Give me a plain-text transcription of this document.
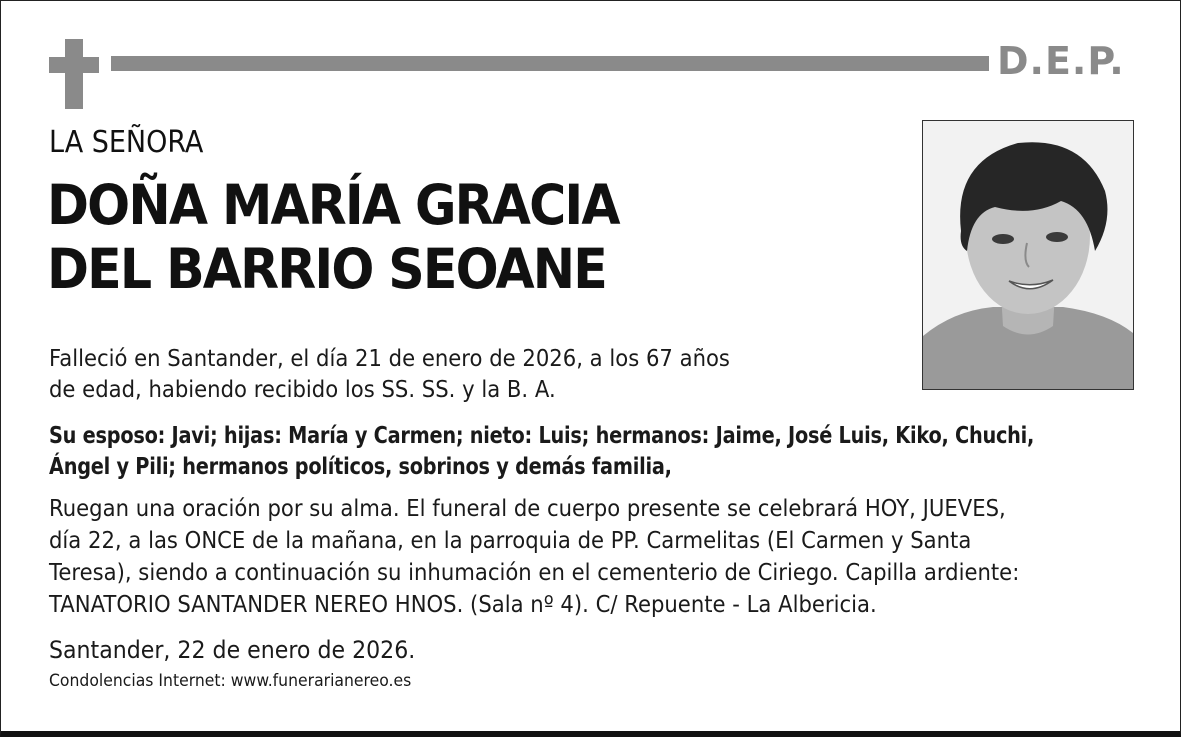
D.E.P.
LA SEÑORA
DOÑA MARÍA GRACIA
DEL BARRIO SEOANE
Falleció en Santander, el día 21 de enero de 2026, a los 67 años
de edad, habiendo recibido los SS. SS. y la B. A.
Su esposo: Javi; hijas: María y Carmen; nieto: Luis; hermanos: Jaime, José Luis, Kiko, Chuchi,
Ángel y Pili; hermanos políticos, sobrinos y demás familia,
Ruegan una oración por su alma. El funeral de cuerpo presente se celebrará HOY, JUEVES,
día 22, a las ONCE de la mañana, en la parroquia de PP. Carmelitas (El Carmen y Santa
Teresa), siendo a continuación su inhumación en el cementerio de Ciriego. Capilla ardiente:
TANATORIO SANTANDER NEREO HNOS. (Sala nº 4). C/ Repuente - La Albericia.
Santander, 22 de enero de 2026.
Condolencias Internet: www.funerarianereo.es
